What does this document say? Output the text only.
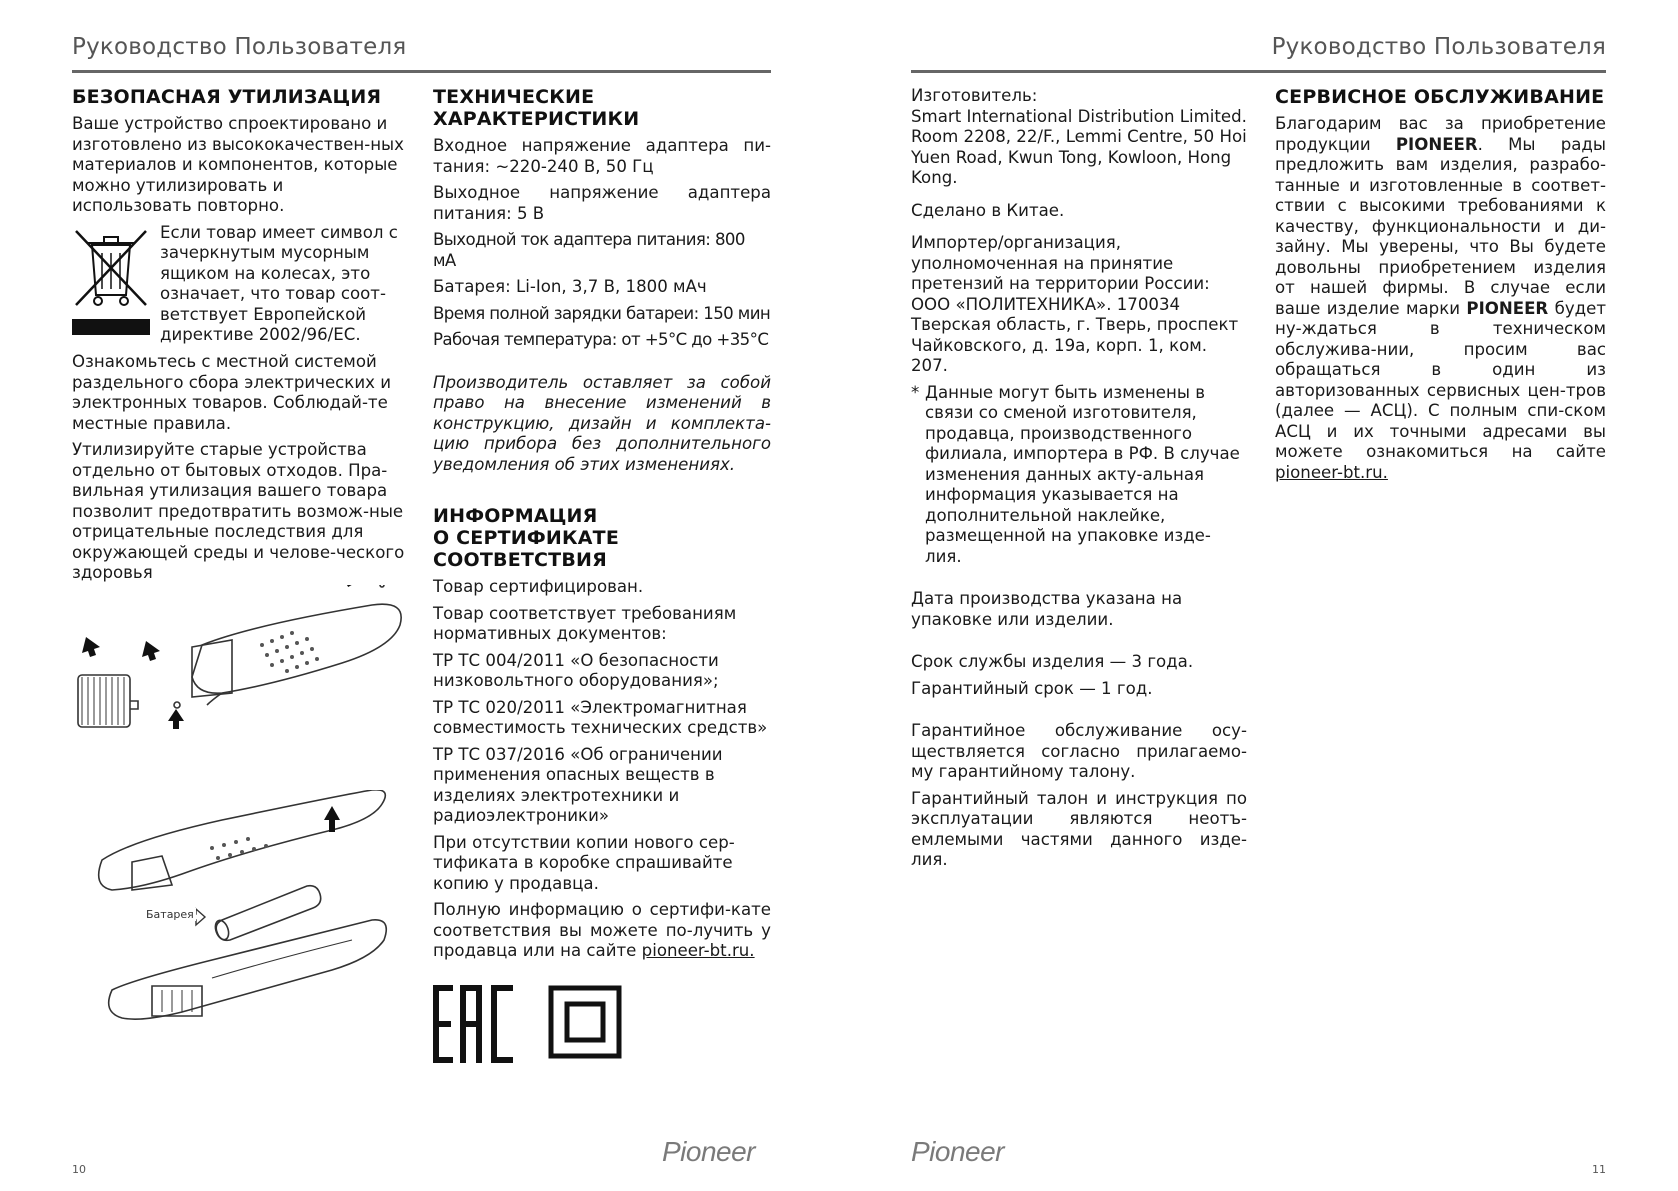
Руководство Пользователя
БЕЗОПАСНАЯ УТИЛИЗАЦИЯ

Ваше устройство спроектировано и изготовлено из высококачествен-ных материалов и компонентов, которые можно утилизировать и использовать повторно.

Если товар имеет символ с зачеркнутым мусорным ящиком на колесах, это означает, что товар соот-ветствует Европейской директиве 2002/96/EC.

Ознакомьтесь с местной системой раздельного сбора электрических и электронных товаров. Соблюдай-те местные правила.

Утилизируйте старые устройства отдельно от бытовых отходов. Пра-вильная утилизация вашего товара позволит предотвратить возмож-ные отрицательные последствия для окружающей среды и челове-ческого здоровья

Батарея
ТЕХНИЧЕСКИЕ
ХАРАКТЕРИСТИКИ

Входное напряжение адаптера пи-тания: ~220-240 В, 50 Гц

Выходное напряжение адаптера питания: 5 В

Выходной ток адаптера питания: 800 мА

Батарея: Li-Ion, 3,7 В, 1800 мАч

Время полной зарядки батареи: 150 мин

Рабочая температура: от +5°C до +35°C

Производитель оставляет за собой право на внесение изменений в конструкцию, дизайн и комплекта-цию прибора без дополнительного уведомления об этих изменениях.

ИНФОРМАЦИЯ
О СЕРТИФИКАТЕ
СООТВЕТСТВИЯ

Товар сертифицирован.

Товар соответствует требованиям нормативных документов:

ТР ТС 004/2011 «О безопасности низковольтного оборудования»;

ТР ТС 020/2011 «Электромагнитная совместимость технических средств»

ТР ТС 037/2016 «Об ограничении применения опасных веществ в изделиях электротехники и радиоэлектроники»

При отсутствии копии нового сер-тификата в коробке спрашивайте копию у продавца.

Полную информацию о сертифи-кате соответствия вы можете по-лучить у продавца или на сайте pioneer-bt.ru.

Pioneer
10
Руководство Пользователя

Изготовитель:

Smart International Distribution Limited. Room 2208, 22/F., Lemmi Centre, 50 Hoi Yuen Road, Kwun Tong, Kowloon, Hong Kong.

Сделано в Китае.

Импортер/организация, уполномоченная на принятие претензий на территории России: ООО «ПОЛИТЕХНИКА». 170034 Тверская область, г. Тверь, проспект Чайковского, д. 19а, корп. 1, ком. 207.

* Данные могут быть изменены в связи со сменой изготовителя, продавца, производственного филиала, импортера в РФ. В случае изменения данных акту-альная информация указывается на дополнительной наклейке, размещенной на упаковке изде-лия.

Дата производства указана на упаковке или изделии.

Срок службы изделия — 3 года.

Гарантийный срок — 1 год.

Гарантийное обслуживание осу-ществляется согласно прилагаемо-му гарантийному талону.

Гарантийный талон и инструкция по эксплуатации являются неотъ-емлемыми частями данного изде-лия.

СЕРВИСНОЕ ОБСЛУЖИВАНИЕ

Благодарим вас за приобретение продукции PIONEER. Мы рады предложить вам изделия, разрабо-танные и изготовленные в соответ-ствии с высокими требованиями к качеству, функциональности и ди-зайну. Мы уверены, что Вы будете довольны приобретением изделия от нашей фирмы. В случае если ваше изделие марки PIONEER будет ну-ждаться в техническом обслужива-нии, просим вас обращаться в один из авторизованных сервисных цен-тров (далее — АСЦ). С полным спи-ском АСЦ и их точными адресами вы можете ознакомиться на сайте pioneer-bt.ru.

Pioneer
11
